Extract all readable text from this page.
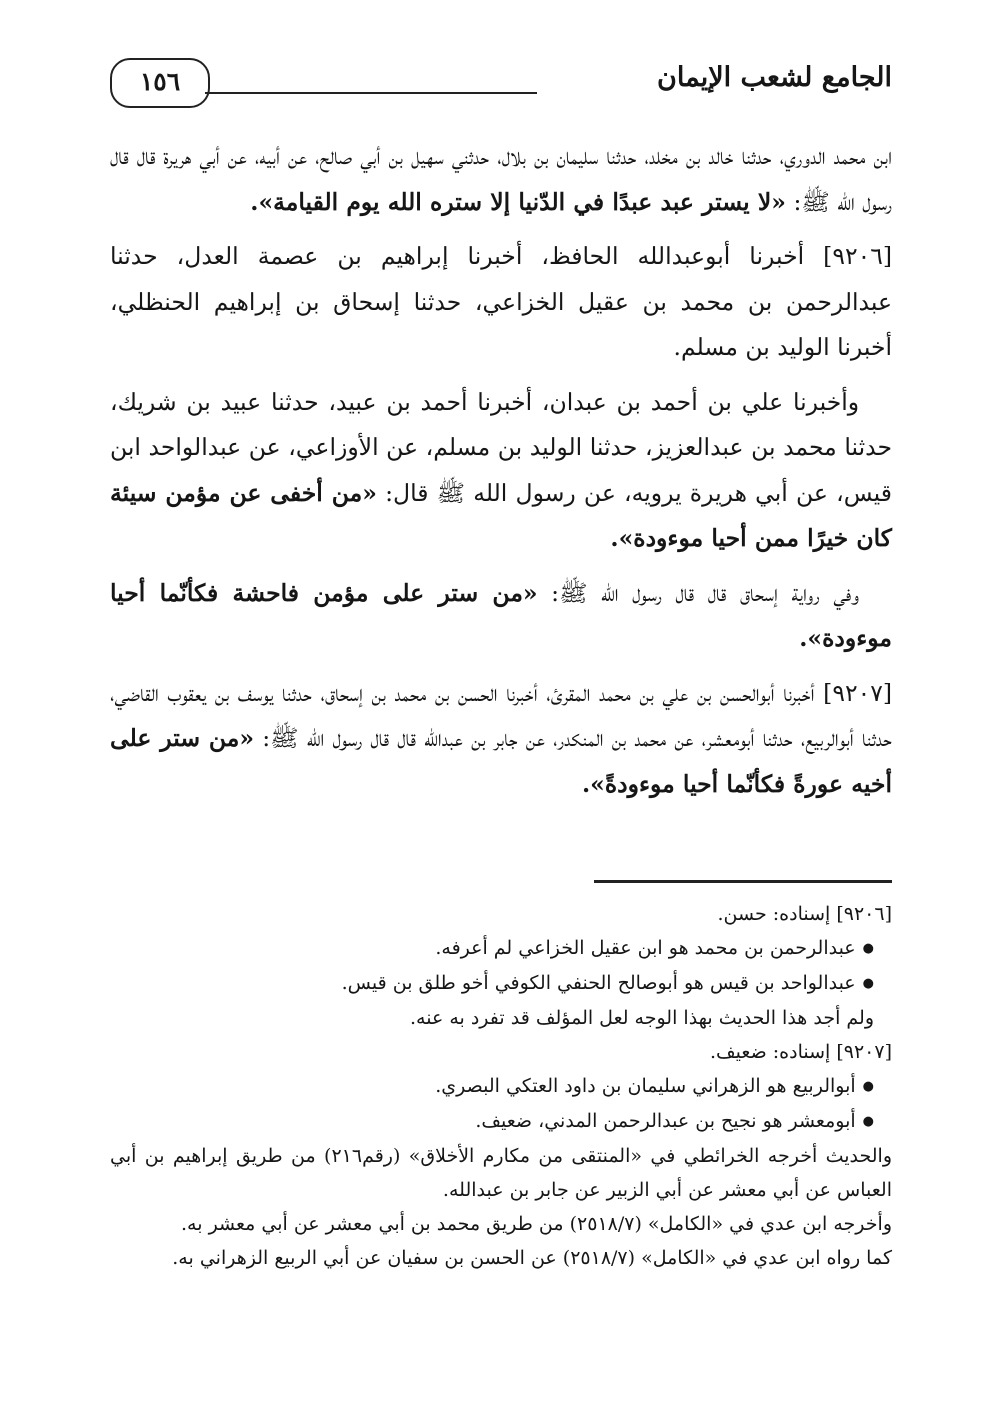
الجامع لشعب الإيمان
١٥٦

ابن محمد الدوري، حدثنا خالد بن مخلد، حدثنا سليمان بن بلال، حدثني سهيل بن أبي صالح، عن أبيه، عن أبي هريرة قال قال رسول الله ﷺ: «لا يستر عبد عبدًا في الدّنيا إلا ستره الله يوم القيامة».

[٩٢٠٦] أخبرنا أبوعبدالله الحافظ، أخبرنا إبراهيم بن عصمة العدل، حدثنا عبدالرحمن بن محمد بن عقيل الخزاعي، حدثنا إسحاق بن إبراهيم الحنظلي، أخبرنا الوليد بن مسلم.

وأخبرنا علي بن أحمد بن عبدان، أخبرنا أحمد بن عبيد، حدثنا عبيد بن شريك، حدثنا محمد بن عبدالعزيز، حدثنا الوليد بن مسلم، عن الأوزاعي، عن عبدالواحد ابن قيس، عن أبي هريرة يرويه، عن رسول الله ﷺ قال: «من أخفى عن مؤمن سيئة كان خيرًا ممن أحيا موءودة».

وفي رواية إسحاق قال قال رسول الله ﷺ: «من ستر على مؤمن فاحشة فكأنّما أحيا موءودة».

[٩٢٠٧] أخبرنا أبوالحسن بن علي بن محمد المقرئ، أخبرنا الحسن بن محمد بن إسحاق، حدثنا يوسف بن يعقوب القاضي، حدثنا أبوالربيع، حدثنا أبومعشر، عن محمد بن المنكدر، عن جابر بن عبدالله قال قال رسول الله ﷺ: «من ستر على أخيه عورةً فكأنّما أحيا موءودةً».

[٩٢٠٦] إسناده: حسن.

● عبدالرحمن بن محمد هو ابن عقيل الخزاعي لم أعرفه.

● عبدالواحد بن قيس هو أبوصالح الحنفي الكوفي أخو طلق بن قيس.

ولم أجد هذا الحديث بهذا الوجه لعل المؤلف قد تفرد به عنه.

[٩٢٠٧] إسناده: ضعيف.

● أبوالربيع هو الزهراني سليمان بن داود العتكي البصري.

● أبومعشر هو نجيح بن عبدالرحمن المدني، ضعيف.

والحديث أخرجه الخرائطي في «المنتقى من مكارم الأخلاق» (رقم٢١٦) من طريق إبراهيم بن أبي العباس عن أبي معشر عن أبي الزبير عن جابر بن عبدالله.

وأخرجه ابن عدي في «الكامل» (٢٥١٨/٧) من طريق محمد بن أبي معشر عن أبي معشر به.

كما رواه ابن عدي في «الكامل» (٢٥١٨/٧) عن الحسن بن سفيان عن أبي الربيع الزهراني به.
